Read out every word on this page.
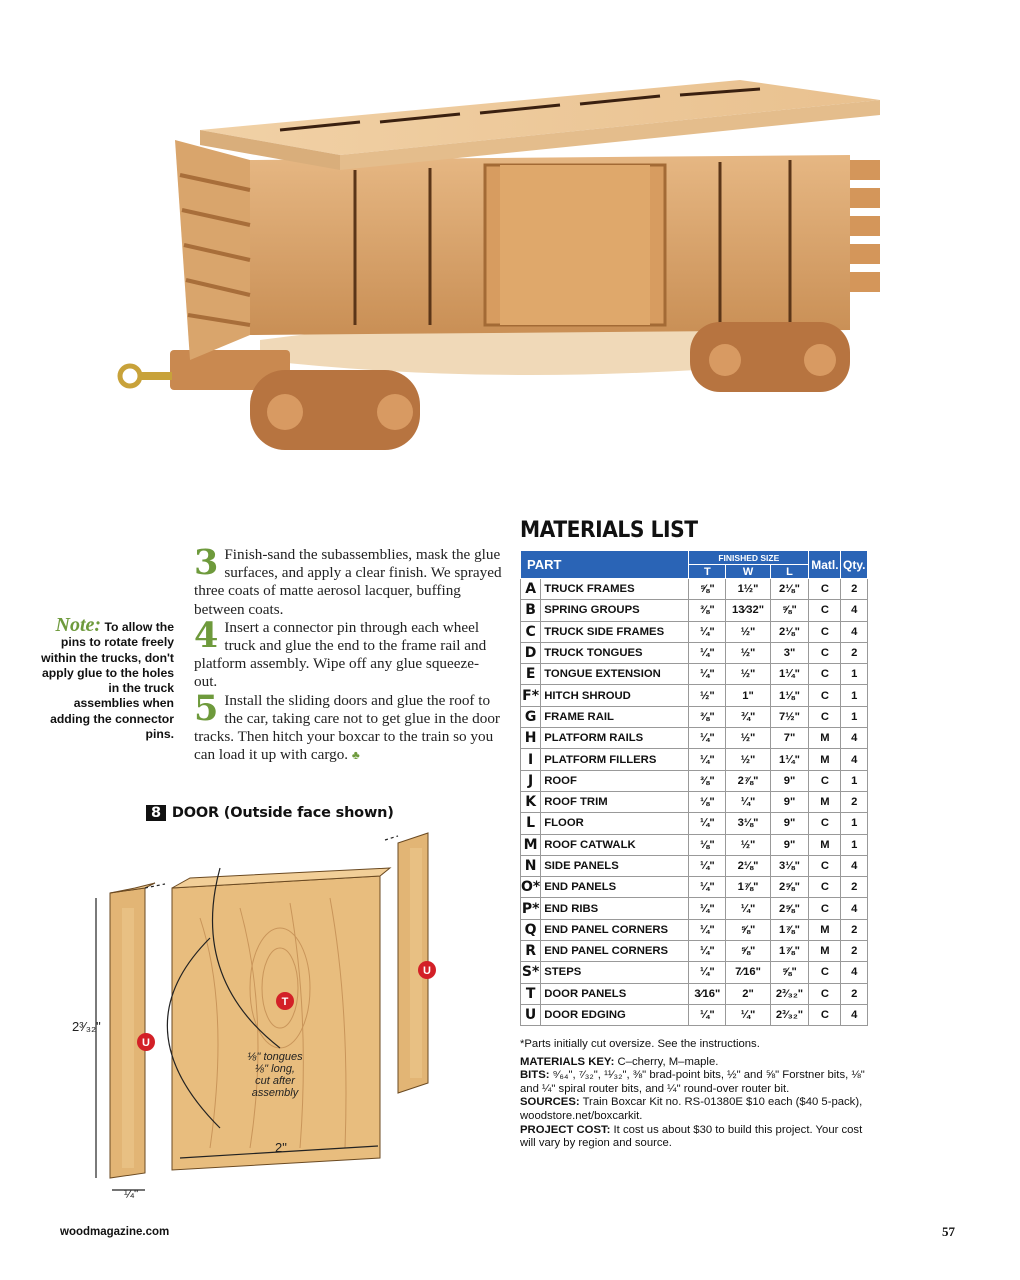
3 Finish-sand the subassemblies, mask the glue surfaces, and apply a clear finish. We sprayed three coats of matte aerosol lacquer, buffing between coats.

4 Insert a connector pin through each wheel truck and glue the end to the frame rail and platform assembly. Wipe off any glue squeeze-out.

5 Install the sliding doors and glue the roof to the car, taking care not to get glue in the door tracks. Then hitch your boxcar to the train so you can load it up with cargo. ♣

Note: To allow the pins to rotate freely within the trucks, don't apply glue to the holes in the truck assemblies when adding the connector pins.
8 DOOR (Outside face shown)
U
T
U
2³⁄₃₂"
2"
¼"
⅛" tongues
⅛" long,
cut after
assembly
MATERIALS LIST
PART		FINISHED SIZE			Matl.	Qty.
		T	W	L		
A	TRUCK FRAMES	⅝"	1½"	2⅛"	C	2
B	SPRING GROUPS	⅜"	13⁄32"	⅝"	C	4
C	TRUCK SIDE FRAMES	¼"	½"	2⅛"	C	4
D	TRUCK TONGUES	¼"	½"	3"	C	2
E	TONGUE EXTENSION	¼"	½"	1¼"	C	1
F*	HITCH SHROUD	½"	1"	1⅛"	C	1
G	FRAME RAIL	⅜"	¾"	7½"	C	1
H	PLATFORM RAILS	¼"	½"	7"	M	4
I	PLATFORM FILLERS	¼"	½"	1¼"	M	4
J	ROOF	⅜"	2⅞"	9"	C	1
K	ROOF TRIM	⅛"	¼"	9"	M	2
L	FLOOR	¼"	3⅛"	9"	C	1
M	ROOF CATWALK	⅛"	½"	9"	M	1
N	SIDE PANELS	¼"	2⅛"	3⅛"	C	4
O*	END PANELS	¼"	1⅞"	2⅝"	C	2
P*	END RIBS	¼"	¼"	2⅝"	C	4
Q	END PANEL CORNERS	¼"	⅝"	1⅞"	M	2
R	END PANEL CORNERS	¼"	⅝"	1⅞"	M	2
S*	STEPS	¼"	7⁄16"	⅝"	C	4
T	DOOR PANELS	3⁄16"	2"	2³⁄₃₂"	C	2
U	DOOR EDGING	¼"	¼"	2³⁄₃₂"	C	4

*Parts initially cut oversize. See the instructions.

MATERIALS KEY: C–cherry, M–maple.

BITS: ⁹⁄₆₄", ⁷⁄₃₂", ¹¹⁄₃₂", ⅜" brad-point bits, ½" and ⅝" Forstner bits, ⅛" and ¼" spiral router bits, and ¼" round-over router bit.

SOURCES: Train Boxcar Kit no. RS-01380E $10 each ($40 5-pack), woodstore.net/boxcarkit.

PROJECT COST: It cost us about $30 to build this project. Your cost will vary by region and source.

woodmagazine.com	57
